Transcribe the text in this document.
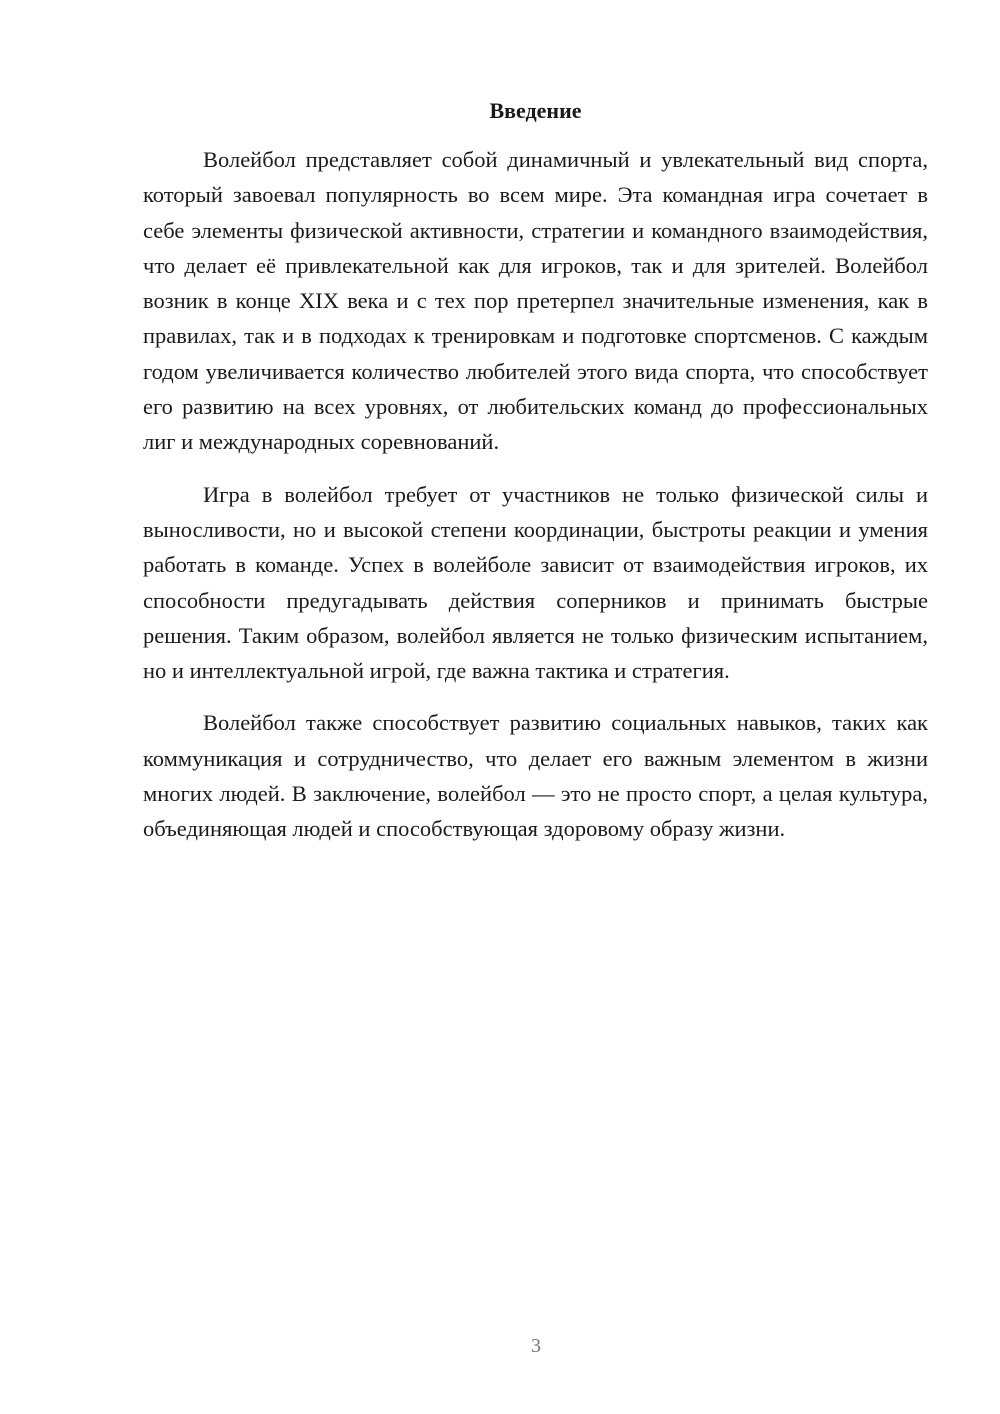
Введение

Волейбол представляет собой динамичный и увлекательный вид спорта, который завоевал популярность во всем мире. Эта командная игра сочетает в себе элементы физической активности, стратегии и командного взаимодействия, что делает её привлекательной как для игроков, так и для зрителей. Волейбол возник в конце XIX века и с тех пор претерпел значительные изменения, как в правилах, так и в подходах к тренировкам и подготовке спортсменов. С каждым годом увеличивается количество любителей этого вида спорта, что способствует его развитию на всех уровнях, от любительских команд до профессиональных лиг и международных соревнований.

Игра в волейбол требует от участников не только физической силы и выносливости, но и высокой степени координации, быстроты реакции и умения работать в команде. Успех в волейболе зависит от взаимодействия игроков, их способности предугадывать действия соперников и принимать быстрые решения. Таким образом, волейбол является не только физическим испытанием, но и интеллектуальной игрой, где важна тактика и стратегия.

Волейбол также способствует развитию социальных навыков, таких как коммуникация и сотрудничество, что делает его важным элементом в жизни многих людей. В заключение, волейбол — это не просто спорт, а целая культура, объединяющая людей и способствующая здоровому образу жизни.

3
